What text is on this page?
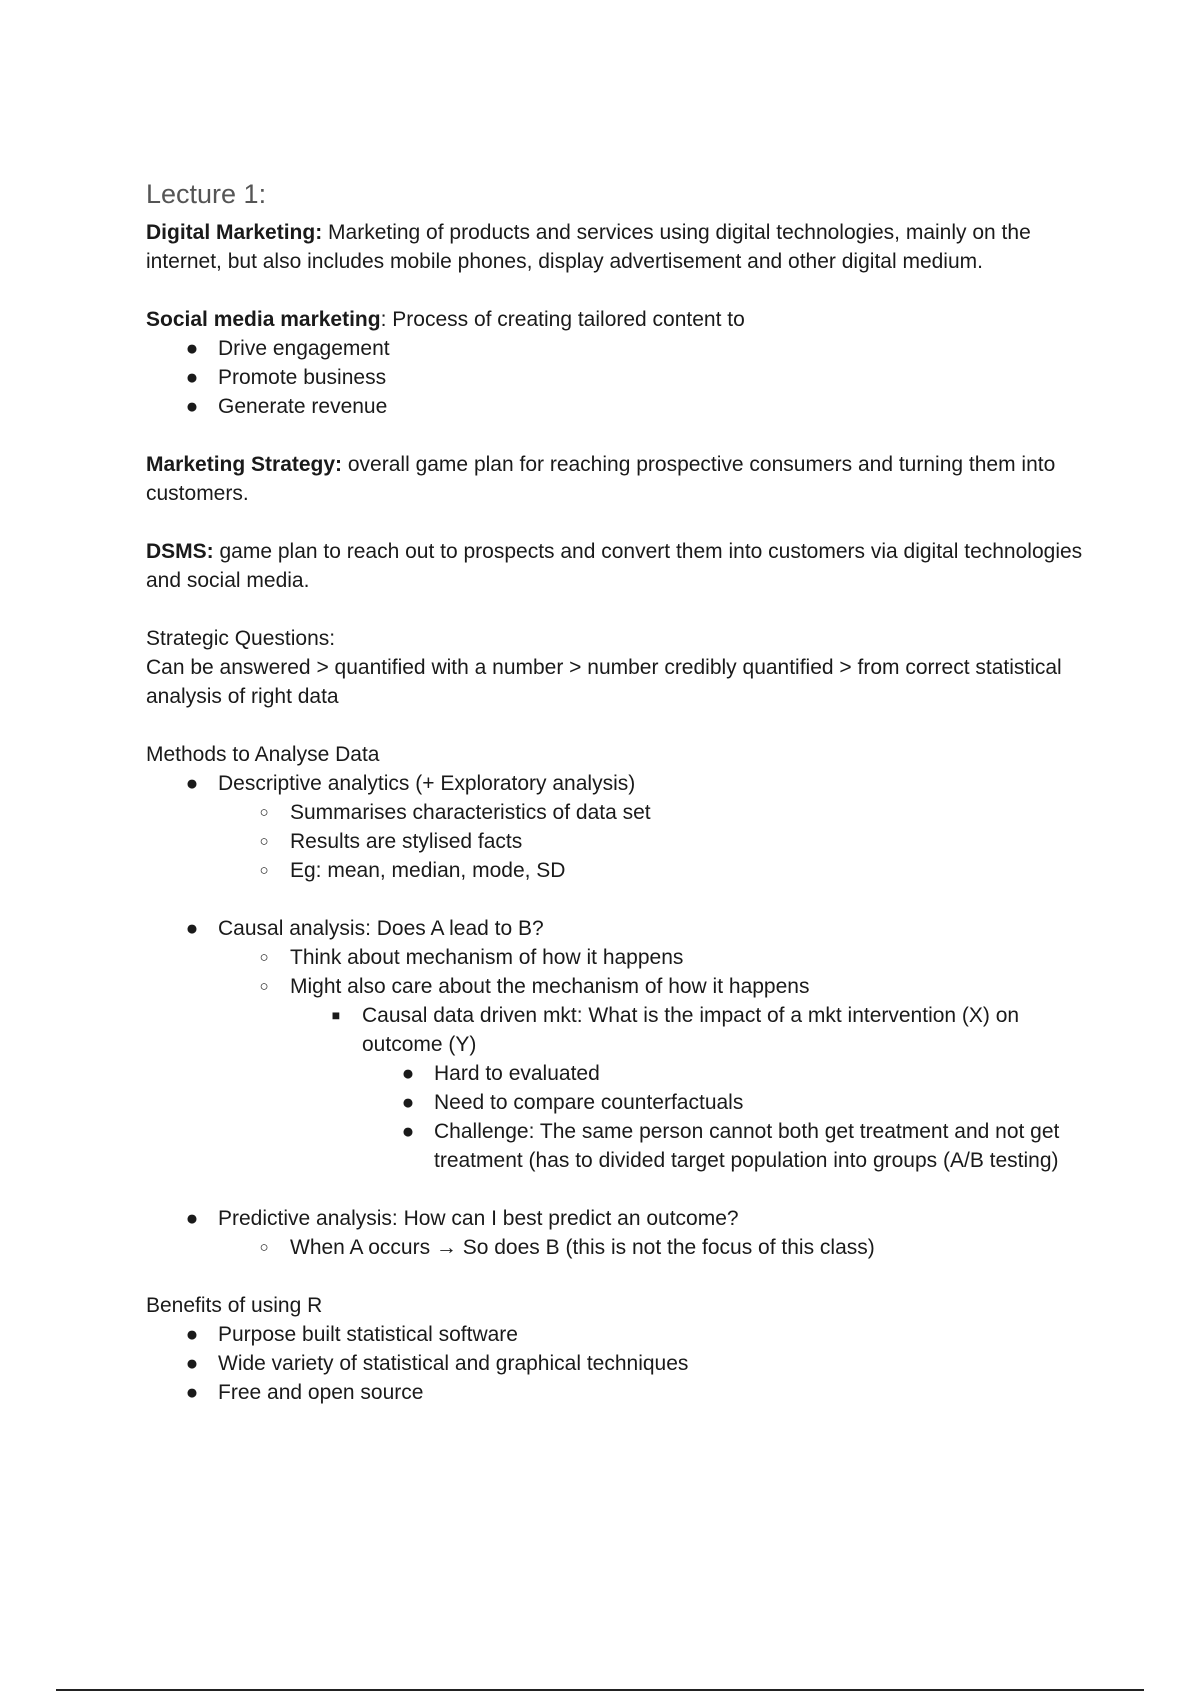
Lecture 1:

Digital Marketing: Marketing of products and services using digital technologies, mainly on the internet, but also includes mobile phones, display advertisement and other digital medium.

Social media marketing: Process of creating tailored content to

● Drive engagement
● Promote business
● Generate revenue

Marketing Strategy: overall game plan for reaching prospective consumers and turning them into customers.

DSMS: game plan to reach out to prospects and convert them into customers via digital technologies and social media.

Strategic Questions:

Can be answered > quantified with a number > number credibly quantified > from correct statistical analysis of right data

Methods to Analyse Data

● Descriptive analytics (+ Exploratory analysis)
○ Summarises characteristics of data set
○ Results are stylised facts
○ Eg: mean, median, mode, SD
● Causal analysis: Does A lead to B?
○ Think about mechanism of how it happens
○ Might also care about the mechanism of how it happens
■ Causal data driven mkt: What is the impact of a mkt intervention (X) on outcome (Y)
● Hard to evaluated
● Need to compare counterfactuals
● Challenge: The same person cannot both get treatment and not get treatment (has to divided target population into groups (A/B testing)
● Predictive analysis: How can I best predict an outcome?
○ When A occurs → So does B (this is not the focus of this class)

Benefits of using R

● Purpose built statistical software
● Wide variety of statistical and graphical techniques
● Free and open source
